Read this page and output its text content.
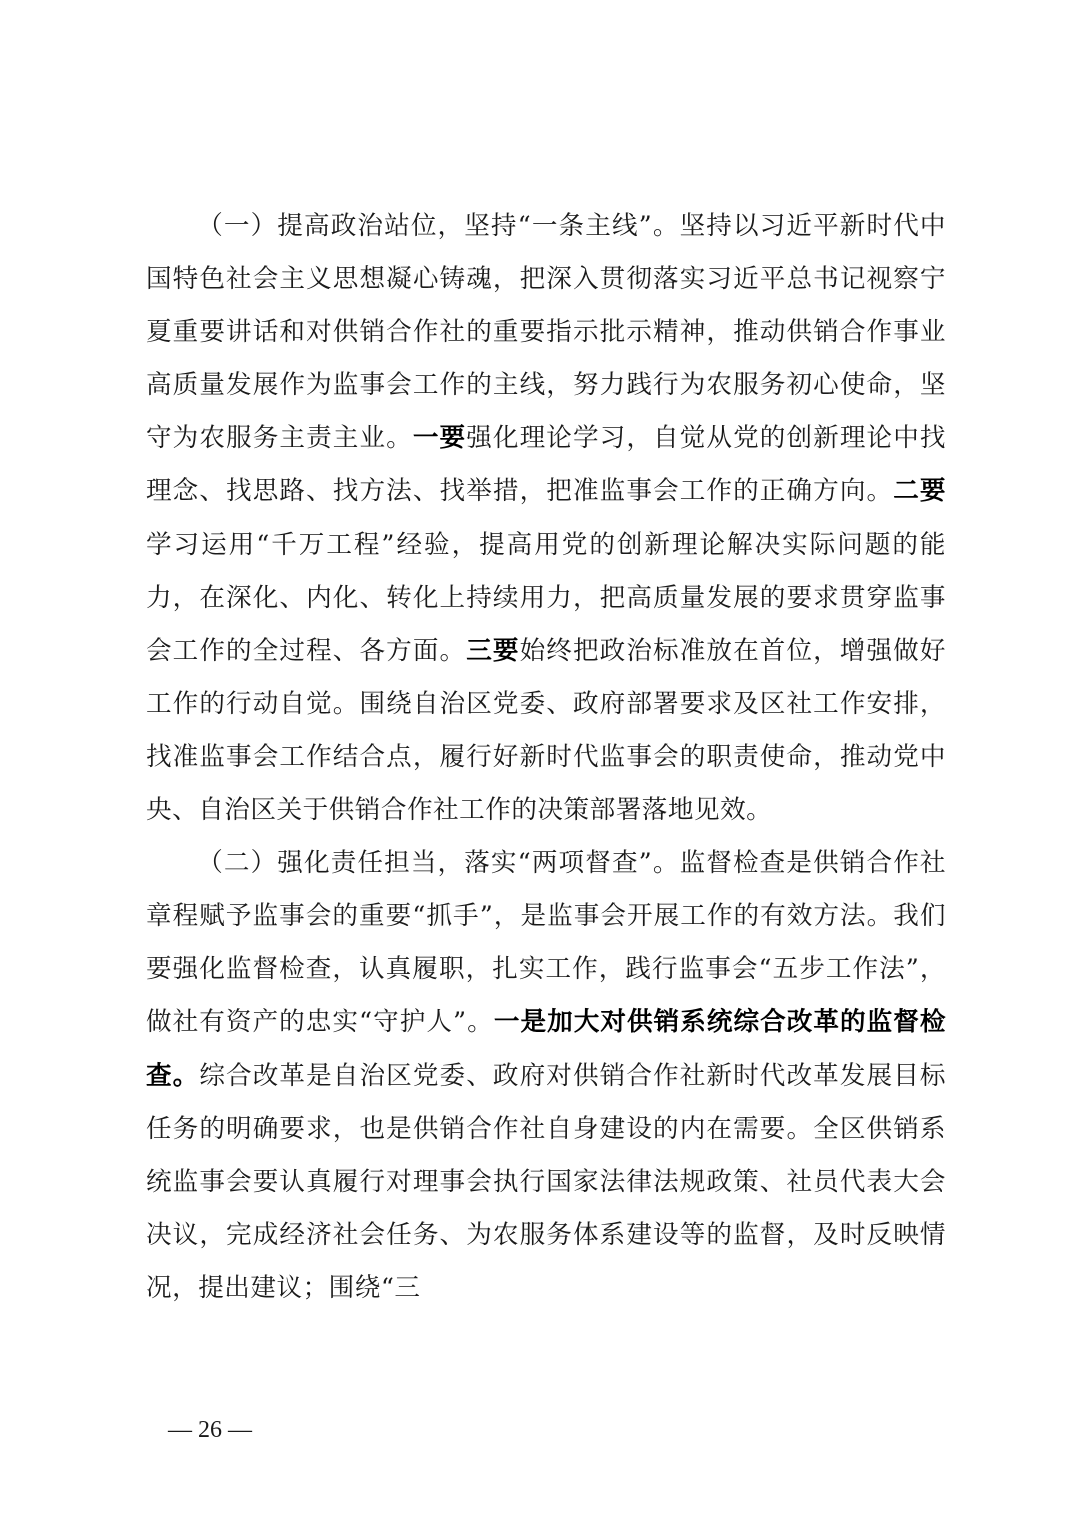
（一）提高政治站位，坚持“一条主线”。坚持以习近平新时代中国特色社会主义思想凝心铸魂，把深入贯彻落实习近平总书记视察宁夏重要讲话和对供销合作社的重要指示批示精神，推动供销合作事业高质量发展作为监事会工作的主线，努力践行为农服务初心使命，坚守为农服务主责主业。一要强化理论学习，自觉从党的创新理论中找理念、找思路、找方法、找举措，把准监事会工作的正确方向。二要学习运用“千万工程”经验，提高用党的创新理论解决实际问题的能力，在深化、内化、转化上持续用力，把高质量发展的要求贯穿监事会工作的全过程、各方面。三要始终把政治标准放在首位，增强做好工作的行动自觉。围绕自治区党委、政府部署要求及区社工作安排，找准监事会工作结合点，履行好新时代监事会的职责使命，推动党中央、自治区关于供销合作社工作的决策部署落地见效。

（二）强化责任担当，落实“两项督查”。监督检查是供销合作社章程赋予监事会的重要“抓手”，是监事会开展工作的有效方法。我们要强化监督检查，认真履职，扎实工作，践行监事会“五步工作法”，做社有资产的忠实“守护人”。一是加大对供销系统综合改革的监督检查。综合改革是自治区党委、政府对供销合作社新时代改革发展目标任务的明确要求，也是供销合作社自身建设的内在需要。全区供销系统监事会要认真履行对理事会执行国家法律法规政策、社员代表大会决议，完成经济社会任务、为农服务体系建设等的监督，及时反映情况，提出建议；围绕“三

— 26 —
